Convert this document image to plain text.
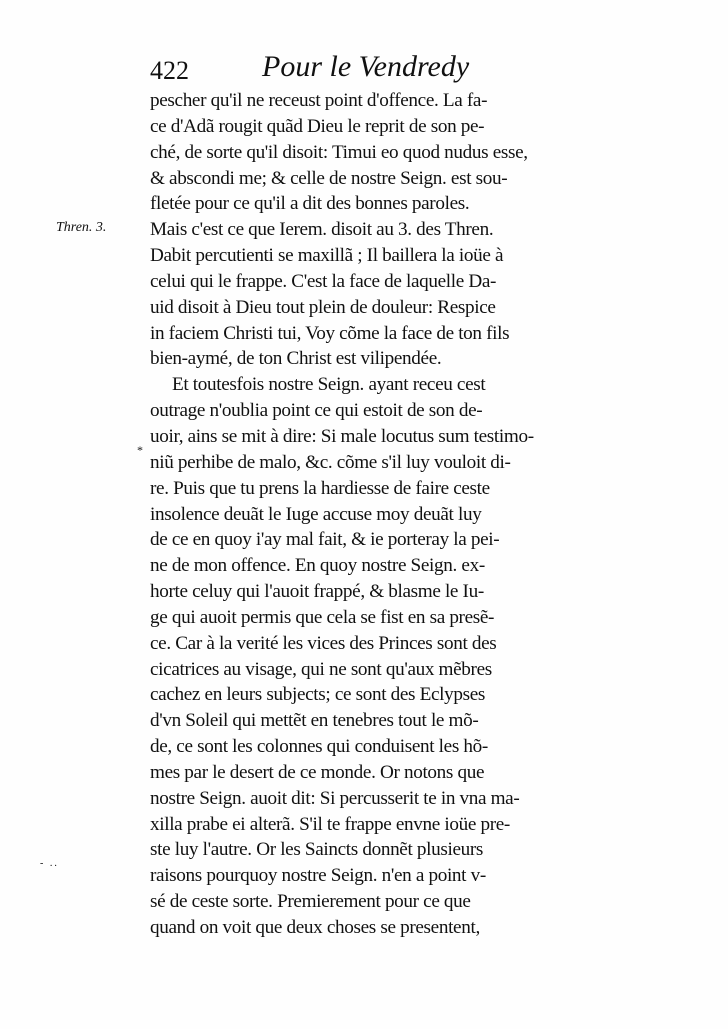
422 Pour le Vendredy
Thren. 3.
*
- ..
pescher qu'il ne receust point d'offence. La fa-
ce d'Adã rougit quãd Dieu le reprit de son pe-
ché, de sorte qu'il disoit: Timui eo quod nudus esse,
& abscondi me; & celle de nostre Seign. est sou-
fletée pour ce qu'il a dit des bonnes paroles.
Mais c'est ce que Ierem. disoit au 3. des Thren.
Dabit percutienti se maxillã ; Il baillera la ioüe à
celui qui le frappe. C'est la face de laquelle Da-
uid disoit à Dieu tout plein de douleur: Respice
in faciem Christi tui, Voy cõme la face de ton fils
bien-aymé, de ton Christ est vilipendée.
Et toutesfois nostre Seign. ayant receu cest
outrage n'oublia point ce qui estoit de son de-
uoir, ains se mit à dire: Si male locutus sum testimo-
niũ perhibe de malo, &c. cõme s'il luy vouloit di-
re. Puis que tu prens la hardiesse de faire ceste
insolence deuãt le Iuge accuse moy deuãt luy
de ce en quoy i'ay mal fait, & ie porteray la pei-
ne de mon offence. En quoy nostre Seign. ex-
horte celuy qui l'auoit frappé, & blasme le Iu-
ge qui auoit permis que cela se fist en sa presẽ-
ce. Car à la verité les vices des Princes sont des
cicatrices au visage, qui ne sont qu'aux mẽbres
cachez en leurs subjects; ce sont des Eclypses
d'vn Soleil qui mettẽt en tenebres tout le mõ-
de, ce sont les colonnes qui conduisent les hõ-
mes par le desert de ce monde. Or notons que
nostre Seign. auoit dit: Si percusserit te in vna ma-
xilla prabe ei alterã. S'il te frappe envne ioüe pre-
ste luy l'autre. Or les Saincts donnẽt plusieurs
raisons pourquoy nostre Seign. n'en a point v-
sé de ceste sorte. Premierement pour ce que
quand on voit que deux choses se presentent,
